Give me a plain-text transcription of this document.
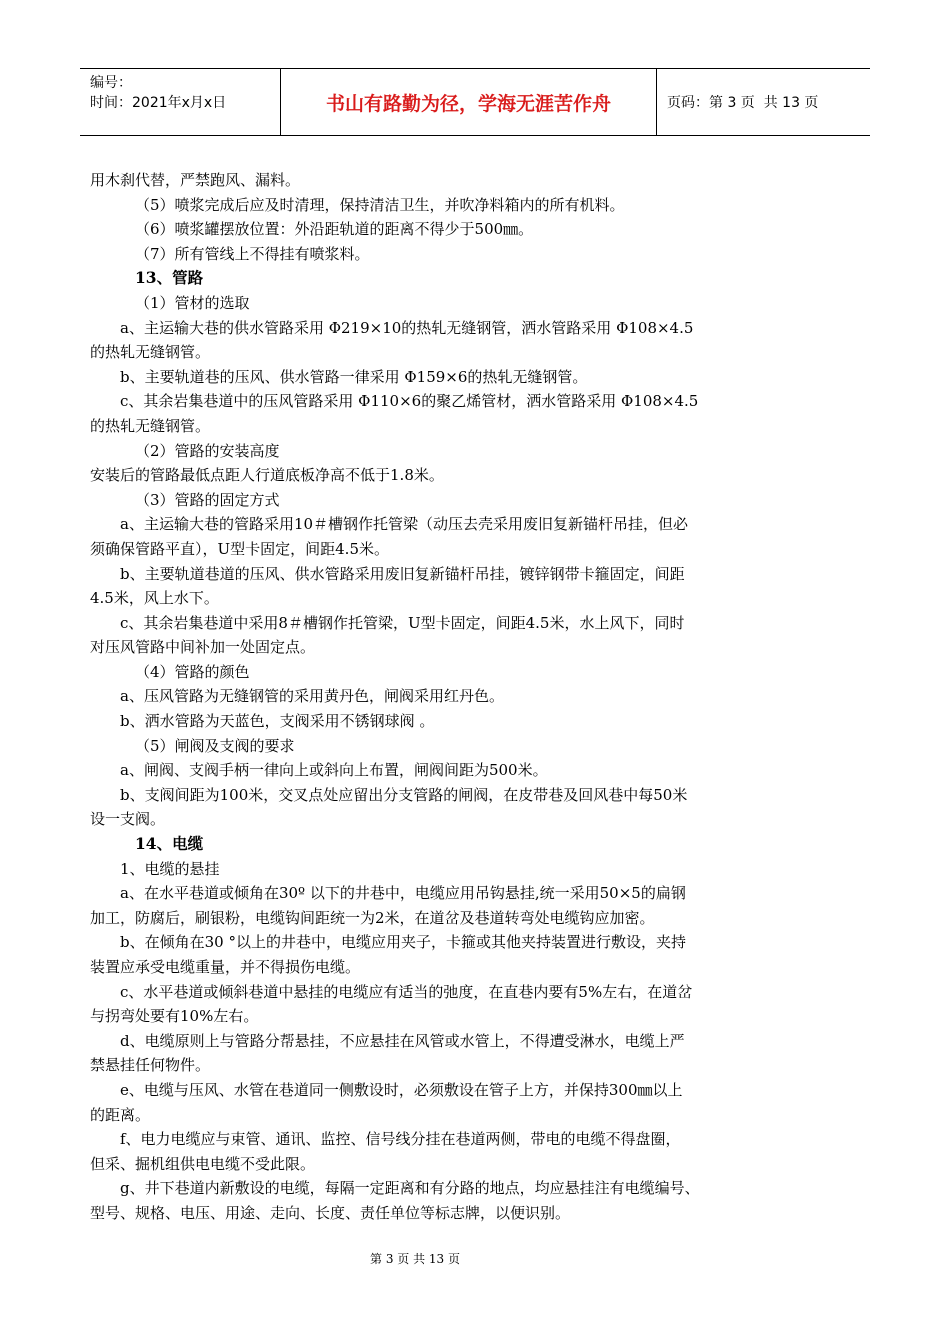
编号：
时间：2021年x月x日	书山有路勤为径，学海无涯苦作舟	页码：第 3 页  共 13 页
用木刹代替，严禁跑风、漏料。
（5）喷浆完成后应及时清理，保持清洁卫生，并吹净料箱内的所有机料。
（6）喷浆罐摆放位置：外沿距轨道的距离不得少于500㎜。
（7）所有管线上不得挂有喷浆料。
13、管路
（1）管材的选取
a、主运输大巷的供水管路采用 Φ219×10的热轧无缝钢管，洒水管路采用 Φ108×4.5
的热轧无缝钢管。
b、主要轨道巷的压风、供水管路一律采用 Φ159×6的热轧无缝钢管。
c、其余岩集巷道中的压风管路采用 Φ110×6的聚乙烯管材，洒水管路采用 Φ108×4.5
的热轧无缝钢管。
（2）管路的安装高度
安装后的管路最低点距人行道底板净高不低于1.8米。
（3）管路的固定方式
a、主运输大巷的管路采用10＃槽钢作托管梁（动压去壳采用废旧复新锚杆吊挂，但必
须确保管路平直），U型卡固定，间距4.5米。
b、主要轨道巷道的压风、供水管路采用废旧复新锚杆吊挂，镀锌钢带卡箍固定，间距
4.5米，风上水下。
c、其余岩集巷道中采用8＃槽钢作托管梁，U型卡固定，间距4.5米，水上风下，同时
对压风管路中间补加一处固定点。
（4）管路的颜色
a、压风管路为无缝钢管的采用黄丹色，闸阀采用红丹色。
b、洒水管路为天蓝色，支阀采用不锈钢球阀 。
（5）闸阀及支阀的要求
a、闸阀、支阀手柄一律向上或斜向上布置，闸阀间距为500米。
b、支阀间距为100米，交叉点处应留出分支管路的闸阀，在皮带巷及回风巷中每50米
设一支阀。
14、电缆
1、电缆的悬挂
a、在水平巷道或倾角在30º 以下的井巷中，电缆应用吊钩悬挂,统一采用50×5的扁钢
加工，防腐后，刷银粉，电缆钩间距统一为2米，在道岔及巷道转弯处电缆钩应加密。
b、在倾角在30 °以上的井巷中，电缆应用夹子，卡箍或其他夹持装置进行敷设，夹持
装置应承受电缆重量，并不得损伤电缆。
c、水平巷道或倾斜巷道中悬挂的电缆应有适当的弛度，在直巷内要有5%左右，在道岔
与拐弯处要有10%左右。
d、电缆原则上与管路分帮悬挂，不应悬挂在风管或水管上，不得遭受淋水，电缆上严
禁悬挂任何物件。
e、电缆与压风、水管在巷道同一侧敷设时，必须敷设在管子上方，并保持300㎜以上
的距离。
f、电力电缆应与束管、通讯、监控、信号线分挂在巷道两侧，带电的电缆不得盘圈，
但采、掘机组供电电缆不受此限。
g、井下巷道内新敷设的电缆，每隔一定距离和有分路的地点，均应悬挂注有电缆编号、
型号、规格、电压、用途、走向、长度、责任单位等标志牌，以便识别。
第 3 页 共 13 页
